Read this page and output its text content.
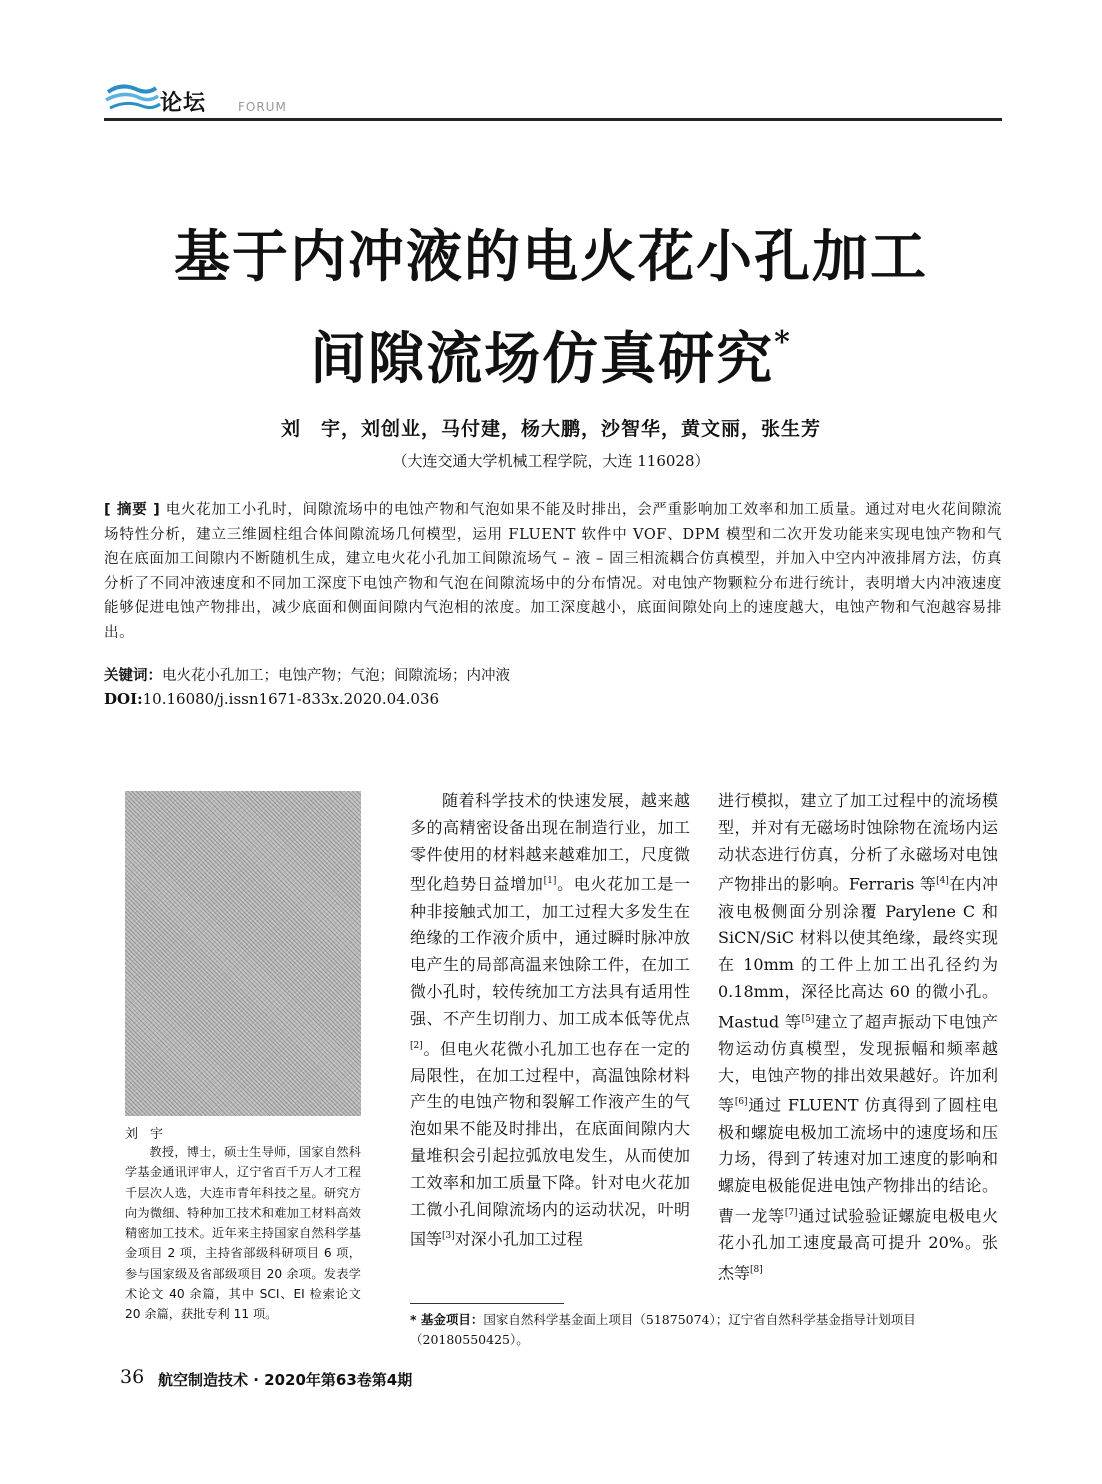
论坛	FORUM
基于内冲液的电火花小孔加工
间隙流场仿真研究*
刘　宇，刘创业，马付建，杨大鹏，沙智华，黄文丽，张生芳
（大连交通大学机械工程学院，大连 116028）
[ 摘要 ] 电火花加工小孔时，间隙流场中的电蚀产物和气泡如果不能及时排出，会严重影响加工效率和加工质量。通过对电火花间隙流场特性分析，建立三维圆柱组合体间隙流场几何模型，运用 FLUENT 软件中 VOF、DPM 模型和二次开发功能来实现电蚀产物和气泡在底面加工间隙内不断随机生成，建立电火花小孔加工间隙流场气 – 液 – 固三相流耦合仿真模型，并加入中空内冲液排屑方法，仿真分析了不同冲液速度和不同加工深度下电蚀产物和气泡在间隙流场中的分布情况。对电蚀产物颗粒分布进行统计，表明增大内冲液速度能够促进电蚀产物排出，减少底面和侧面间隙内气泡相的浓度。加工深度越小，底面间隙处向上的速度越大，电蚀产物和气泡越容易排出。
关键词：电火花小孔加工；电蚀产物；气泡；间隙流场；内冲液
DOI:10.16080/j.issn1671-833x.2020.04.036
刘宇
教授，博士，硕士生导师，国家自然科学基金通讯评审人，辽宁省百千万人才工程千层次人选，大连市青年科技之星。研究方向为微细、特种加工技术和难加工材料高效精密加工技术。近年来主持国家自然科学基金项目 2 项，主持省部级科研项目 6 项，参与国家级及省部级项目 20 余项。发表学术论文 40 余篇，其中 SCI、EI 检索论文 20 余篇，获批专利 11 项。
随着科学技术的快速发展，越来越多的高精密设备出现在制造行业，加工零件使用的材料越来越难加工，尺度微型化趋势日益增加[1]。电火花加工是一种非接触式加工，加工过程大多发生在绝缘的工作液介质中，通过瞬时脉冲放电产生的局部高温来蚀除工件，在加工微小孔时，较传统加工方法具有适用性强、不产生切削力、加工成本低等优点[2]。但电火花微小孔加工也存在一定的局限性，在加工过程中，高温蚀除材料产生的电蚀产物和裂解工作液产生的气泡如果不能及时排出，在底面间隙内大量堆积会引起拉弧放电发生，从而使加工效率和加工质量下降。针对电火花加工微小孔间隙流场内的运动状况，叶明国等[3]对深小孔加工过程
进行模拟，建立了加工过程中的流场模型，并对有无磁场时蚀除物在流场内运动状态进行仿真，分析了永磁场对电蚀产物排出的影响。Ferraris 等[4]在内冲液电极侧面分别涂覆 Parylene C 和 SiCN/SiC 材料以使其绝缘，最终实现在 10mm 的工件上加工出孔径约为 0.18mm，深径比高达 60 的微小孔。Mastud 等[5]建立了超声振动下电蚀产物运动仿真模型，发现振幅和频率越大，电蚀产物的排出效果越好。许加利等[6]通过 FLUENT 仿真得到了圆柱电极和螺旋电极加工流场中的速度场和压力场，得到了转速对加工速度的影响和螺旋电极能促进电蚀产物排出的结论。曹一龙等[7]通过试验验证螺旋电极电火花小孔加工速度最高可提升 20%。张杰等[8]
* 基金项目：国家自然科学基金面上项目（51875074）；辽宁省自然科学基金指导计划项目（20180550425）。
36 航空制造技术 · 2020年第63卷第4期
